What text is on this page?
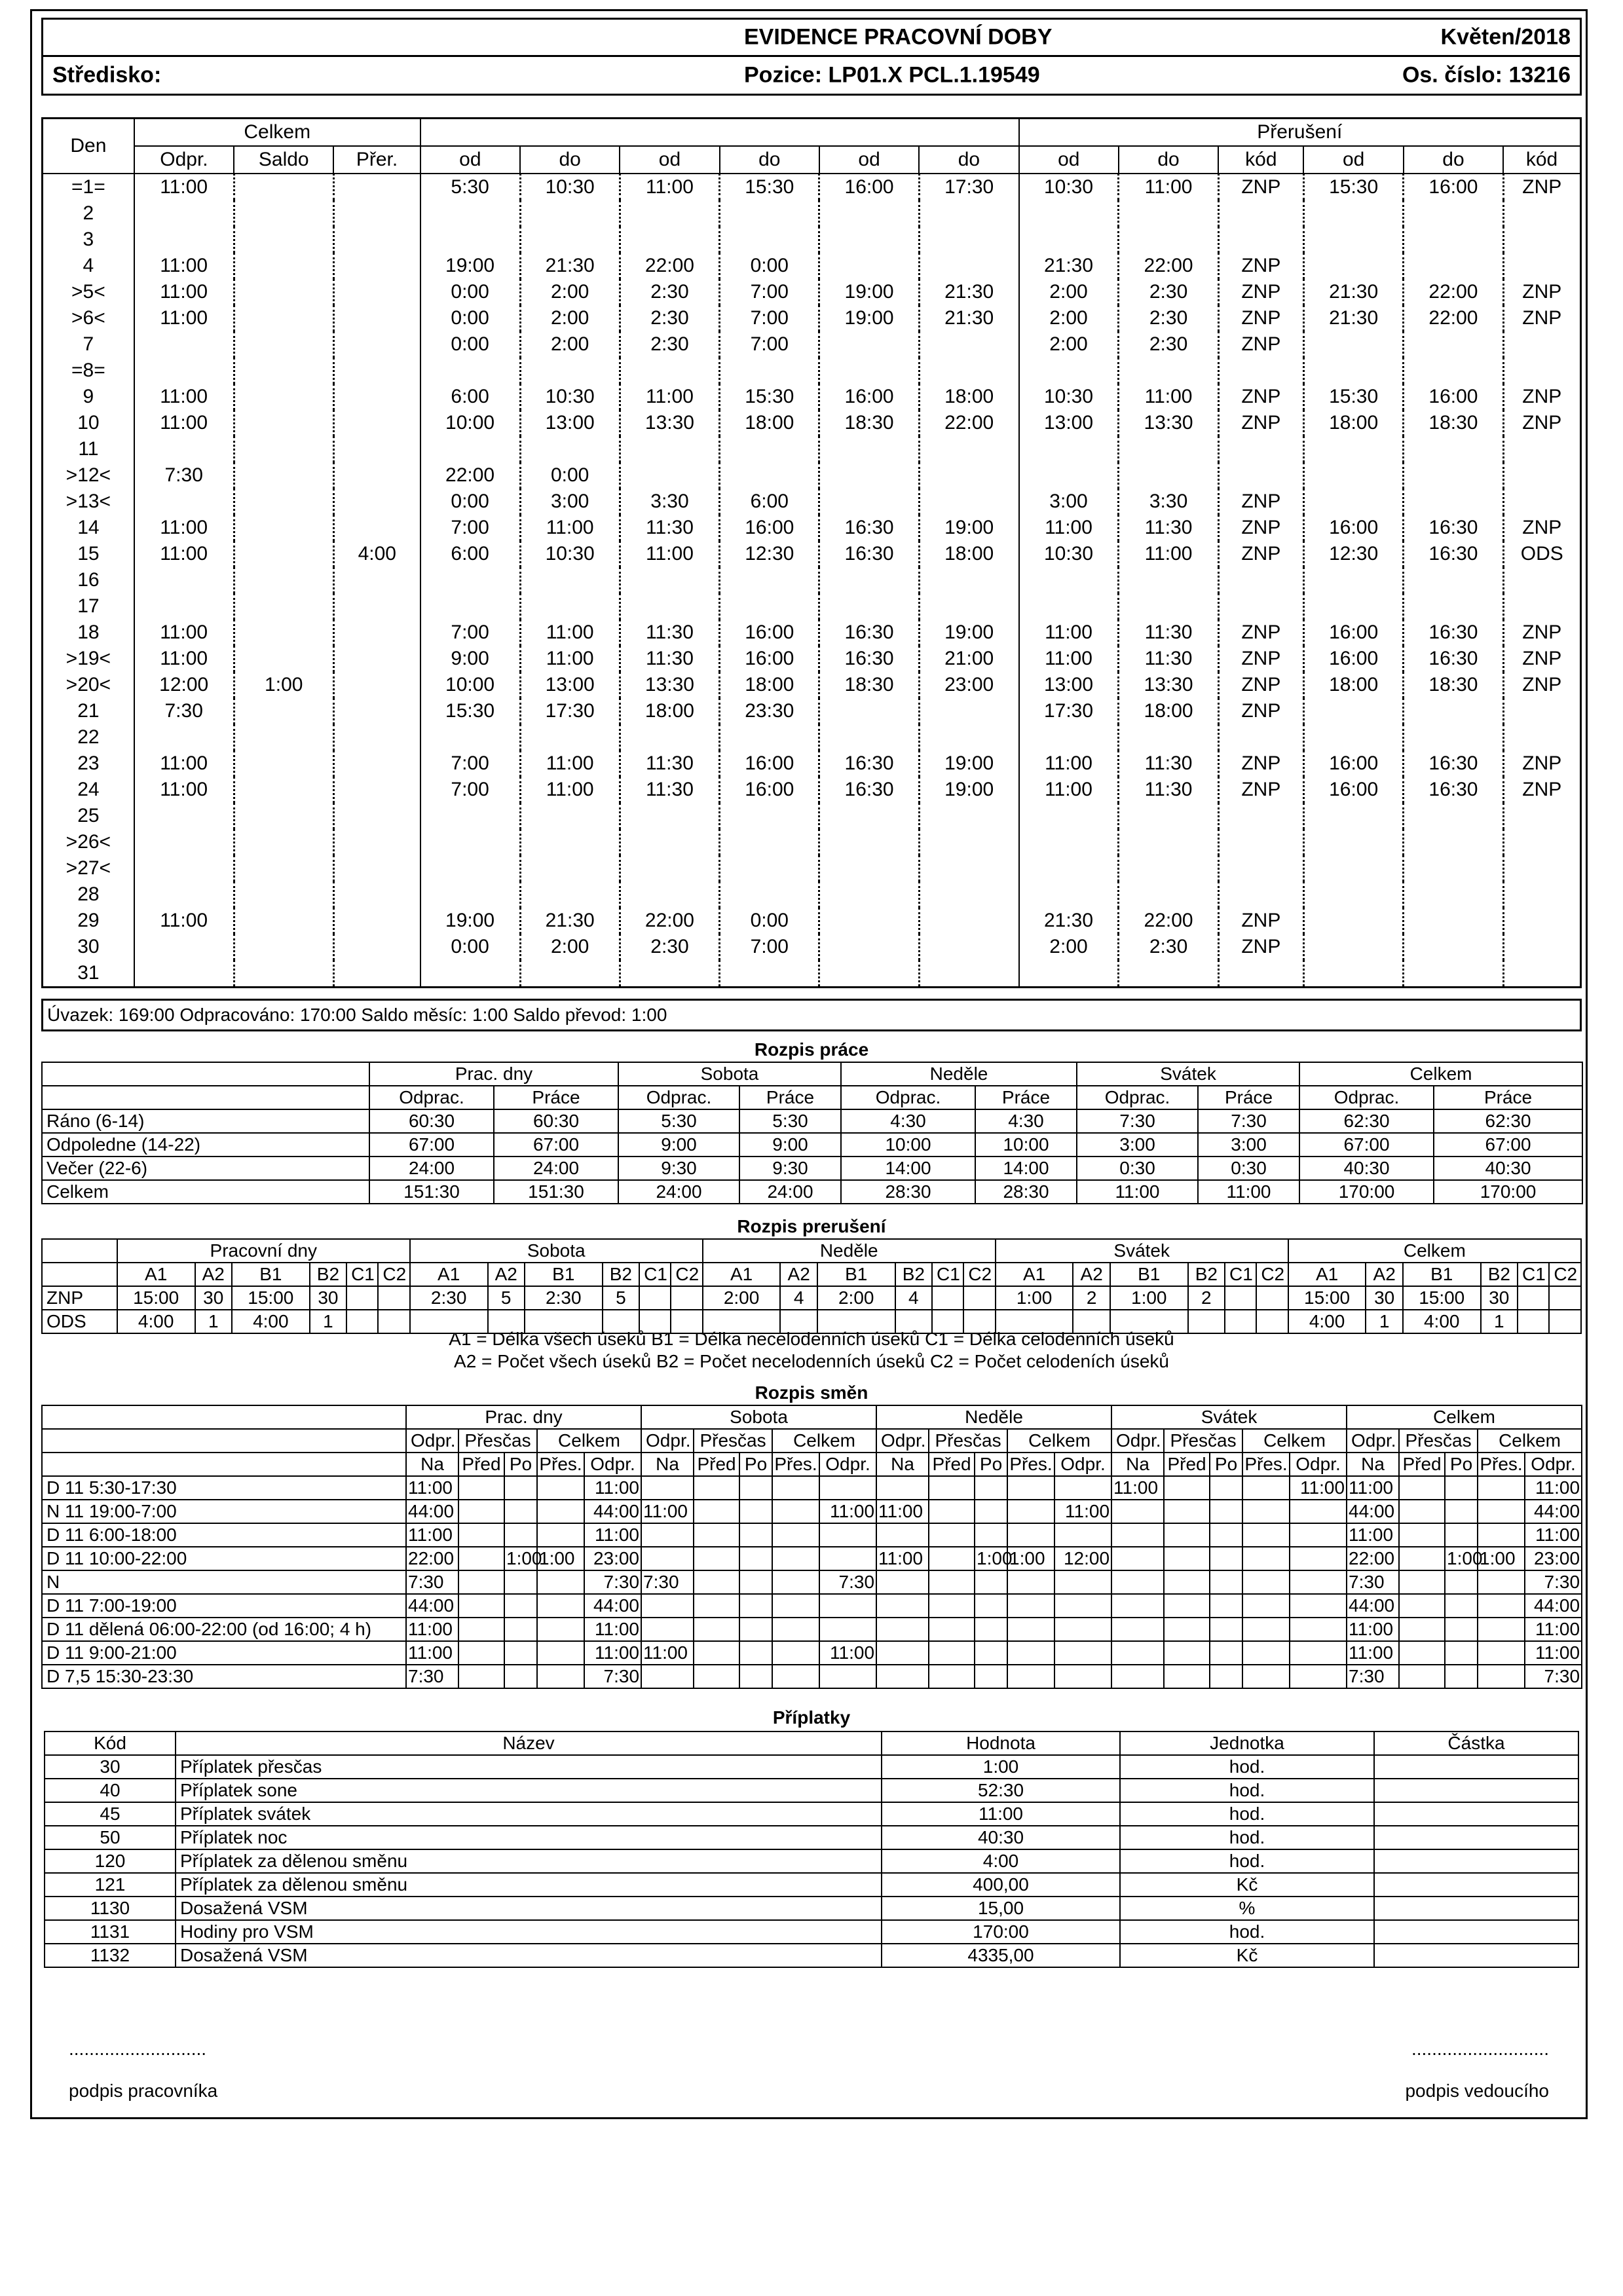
EVIDENCE PRACOVNÍ DOBY	Květen/2018
Středisko:	Pozice: LP01.X PCL.1.19549	Os. číslo: 13216
Den	Celkem									Přerušení					
	Odpr.	Saldo	Přer.	od	do	od	do	od	do	od	do	kód	od	do	kód
=1=	11:00			5:30	10:30	11:00	15:30	16:00	17:30	10:30	11:00	ZNP	15:30	16:00	ZNP
2															
3															
4	11:00			19:00	21:30	22:00	0:00			21:30	22:00	ZNP			
>5<	11:00			0:00	2:00	2:30	7:00	19:00	21:30	2:00	2:30	ZNP	21:30	22:00	ZNP
>6<	11:00			0:00	2:00	2:30	7:00	19:00	21:30	2:00	2:30	ZNP	21:30	22:00	ZNP
7				0:00	2:00	2:30	7:00			2:00	2:30	ZNP			
=8=															
9	11:00			6:00	10:30	11:00	15:30	16:00	18:00	10:30	11:00	ZNP	15:30	16:00	ZNP
10	11:00			10:00	13:00	13:30	18:00	18:30	22:00	13:00	13:30	ZNP	18:00	18:30	ZNP
11															
>12<	7:30			22:00	0:00										
>13<				0:00	3:00	3:30	6:00			3:00	3:30	ZNP			
14	11:00			7:00	11:00	11:30	16:00	16:30	19:00	11:00	11:30	ZNP	16:00	16:30	ZNP
15	11:00		4:00	6:00	10:30	11:00	12:30	16:30	18:00	10:30	11:00	ZNP	12:30	16:30	ODS
16															
17															
18	11:00			7:00	11:00	11:30	16:00	16:30	19:00	11:00	11:30	ZNP	16:00	16:30	ZNP
>19<	11:00			9:00	11:00	11:30	16:00	16:30	21:00	11:00	11:30	ZNP	16:00	16:30	ZNP
>20<	12:00	1:00		10:00	13:00	13:30	18:00	18:30	23:00	13:00	13:30	ZNP	18:00	18:30	ZNP
21	7:30			15:30	17:30	18:00	23:30			17:30	18:00	ZNP			
22															
23	11:00			7:00	11:00	11:30	16:00	16:30	19:00	11:00	11:30	ZNP	16:00	16:30	ZNP
24	11:00			7:00	11:00	11:30	16:00	16:30	19:00	11:00	11:30	ZNP	16:00	16:30	ZNP
25															
>26<															
>27<															
28															
29	11:00			19:00	21:30	22:00	0:00			21:30	22:00	ZNP			
30				0:00	2:00	2:30	7:00			2:00	2:30	ZNP			
31															
Úvazek: 169:00 Odpracováno: 170:00 Saldo měsíc: 1:00 Saldo převod: 1:00
Rozpis práce
	Prac. dny		Sobota		Neděle		Svátek		Celkem	
	Odprac.	Práce	Odprac.	Práce	Odprac.	Práce	Odprac.	Práce	Odprac.	Práce
Ráno (6-14)	60:30	60:30	5:30	5:30	4:30	4:30	7:30	7:30	62:30	62:30
Odpoledne (14-22)	67:00	67:00	9:00	9:00	10:00	10:00	3:00	3:00	67:00	67:00
Večer (22-6)	24:00	24:00	9:30	9:30	14:00	14:00	0:30	0:30	40:30	40:30
Celkem	151:30	151:30	24:00	24:00	28:30	28:30	11:00	11:00	170:00	170:00
Rozpis prerušení
	Pracovní dny						Sobota						Neděle						Svátek						Celkem					
	A1	A2	B1	B2	C1	C2	A1	A2	B1	B2	C1	C2	A1	A2	B1	B2	C1	C2	A1	A2	B1	B2	C1	C2	A1	A2	B1	B2	C1	C2
ZNP	15:00	30	15:00	30			2:30	5	2:30	5			2:00	4	2:00	4			1:00	2	1:00	2			15:00	30	15:00	30		
ODS	4:00	1	4:00	1																					4:00	1	4:00	1		
A1 = Délka všech úseků B1 = Délka necelodenních úseků C1 = Délka celodenních úseků
A2 = Počet všech úseků B2 = Počet necelodenních úseků C2 = Počet celodeních úseků
Rozpis směn
	Prac. dny					Sobota					Neděle					Svátek					Celkem				
	Odpr.	Přesčas		Celkem		Odpr.	Přesčas		Celkem		Odpr.	Přesčas		Celkem		Odpr.	Přesčas		Celkem		Odpr.	Přesčas		Celkem	
	Na	Před	Po	Přes.	Odpr.	Na	Před	Po	Přes.	Odpr.	Na	Před	Po	Přes.	Odpr.	Na	Před	Po	Přes.	Odpr.	Na	Před	Po	Přes.	Odpr.
D 11 5:30-17:30	11:00				11:00											11:00				11:00	11:00				11:00
N 11 19:00-7:00	44:00				44:00	11:00				11:00	11:00				11:00						44:00				44:00
D 11 6:00-18:00	11:00				11:00																11:00				11:00
D 11 10:00-22:00	22:00		1:00	1:00	23:00						11:00		1:00	1:00	12:00						22:00		1:00	1:00	23:00
N	7:30				7:30	7:30				7:30											7:30				7:30
D 11 7:00-19:00	44:00				44:00																44:00				44:00
D 11 dělená 06:00-22:00 (od 16:00; 4 h)	11:00				11:00																11:00				11:00
D 11 9:00-21:00	11:00				11:00	11:00				11:00											11:00				11:00
D 7,5 15:30-23:30	7:30				7:30																7:30				7:30
Příplatky
Kód	Název	Hodnota	Jednotka	Částka
30	Příplatek přesčas	1:00	hod.	
40	Příplatek sone	52:30	hod.	
45	Příplatek svátek	11:00	hod.	
50	Příplatek noc	40:30	hod.	
120	Příplatek za dělenou směnu	4:00	hod.	
121	Příplatek za dělenou směnu	400,00	Kč	
1130	Dosažená VSM	15,00	%	
1131	Hodiny pro VSM	170:00	hod.	
1132	Dosažená VSM	4335,00	Kč	
...........................
podpis pracovníka
...........................
podpis vedoucího
